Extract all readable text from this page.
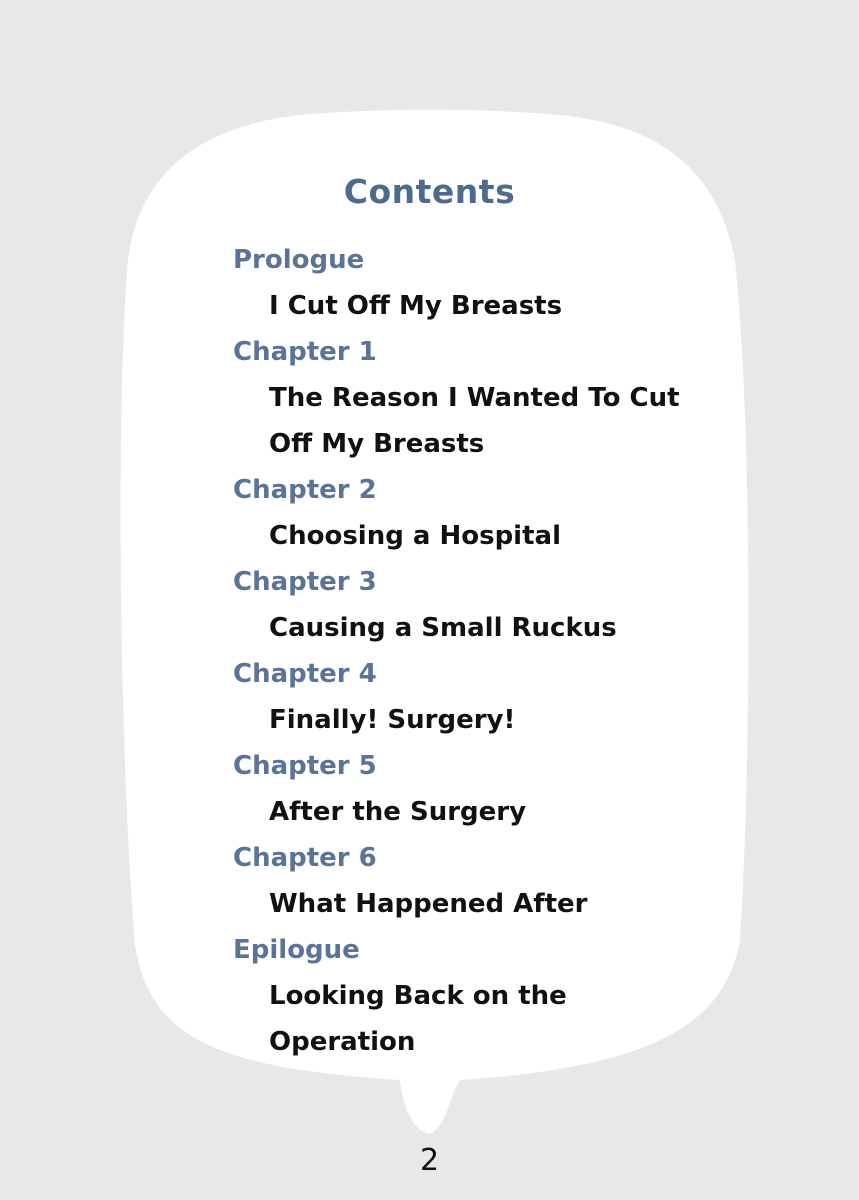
Contents
Prologue
I Cut Off My Breasts
Chapter 1
The Reason I Wanted To Cut
Off My Breasts
Chapter 2
Choosing a Hospital
Chapter 3
Causing a Small Ruckus
Chapter 4
Finally! Surgery!
Chapter 5
After the Surgery
Chapter 6
What Happened After
Epilogue
Looking Back on the
Operation
2
